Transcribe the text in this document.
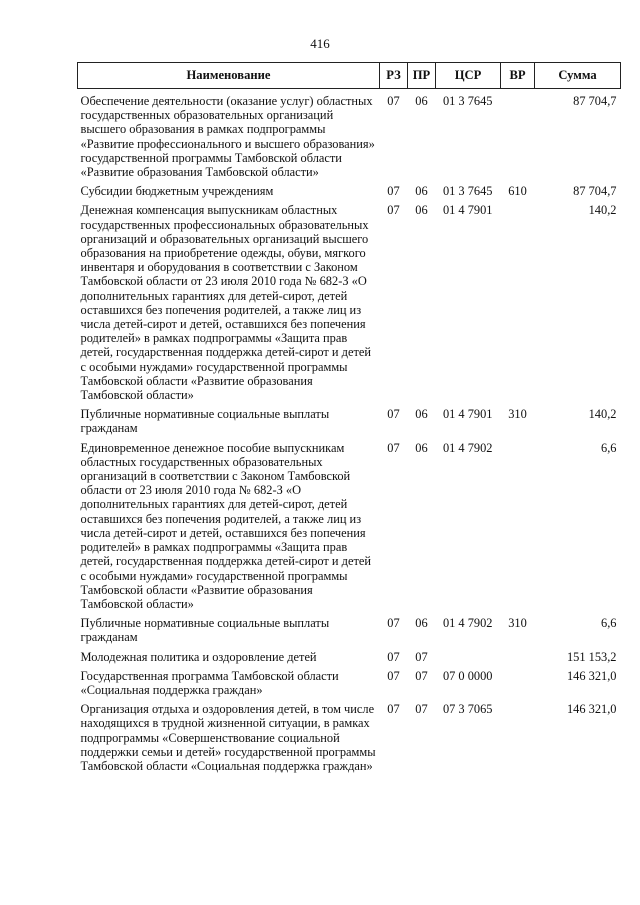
416
Наименование	РЗ	ПР	ЦСР	ВР	Сумма
Обеспечение деятельности (оказание услуг) областных государственных образовательных организаций высшего образования в рамках подпрограммы «Развитие профессионального и высшего образования» государственной программы Тамбовской области «Развитие образования Тамбовской области»	07	06	01 3 7645		87 704,7
Субсидии бюджетным учреждениям	07	06	01 3 7645	610	87 704,7
Денежная компенсация выпускникам областных государственных профессиональных образовательных организаций и образовательных организаций высшего образования на приобретение одежды, обуви, мягкого инвентаря и оборудования в соответствии с Законом Тамбовской области от 23 июля 2010 года № 682-З «О дополнительных гарантиях для детей-сирот, детей оставшихся без попечения родителей, а также лиц из числа детей-сирот и детей, оставшихся без попечения родителей» в рамках подпрограммы «Защита прав детей, государственная поддержка детей-сирот и детей с особыми нуждами» государственной программы Тамбовской области «Развитие образования Тамбовской области»	07	06	01 4 7901		140,2
Публичные нормативные социальные выплаты гражданам	07	06	01 4 7901	310	140,2
Единовременное денежное пособие выпускникам областных государственных образовательных организаций в соответствии с Законом Тамбовской области от 23 июля 2010 года № 682-З «О дополнительных гарантиях для детей-сирот, детей оставшихся без попечения родителей, а также лиц из числа детей-сирот и детей, оставшихся без попечения родителей» в рамках подпрограммы «Защита прав детей, государственная поддержка детей-сирот и детей с особыми нуждами» государственной программы Тамбовской области «Развитие образования Тамбовской области»	07	06	01 4 7902		6,6
Публичные нормативные социальные выплаты гражданам	07	06	01 4 7902	310	6,6
Молодежная политика и оздоровление детей	07	07			151 153,2
Государственная программа Тамбовской области «Социальная поддержка граждан»	07	07	07 0 0000		146 321,0
Организация отдыха и оздоровления детей, в том числе находящихся в трудной жизненной ситуации, в рамках подпрограммы «Совершенствование социальной поддержки семьи и детей» государственной программы Тамбовской области «Социальная поддержка граждан»	07	07	07 3 7065		146 321,0
